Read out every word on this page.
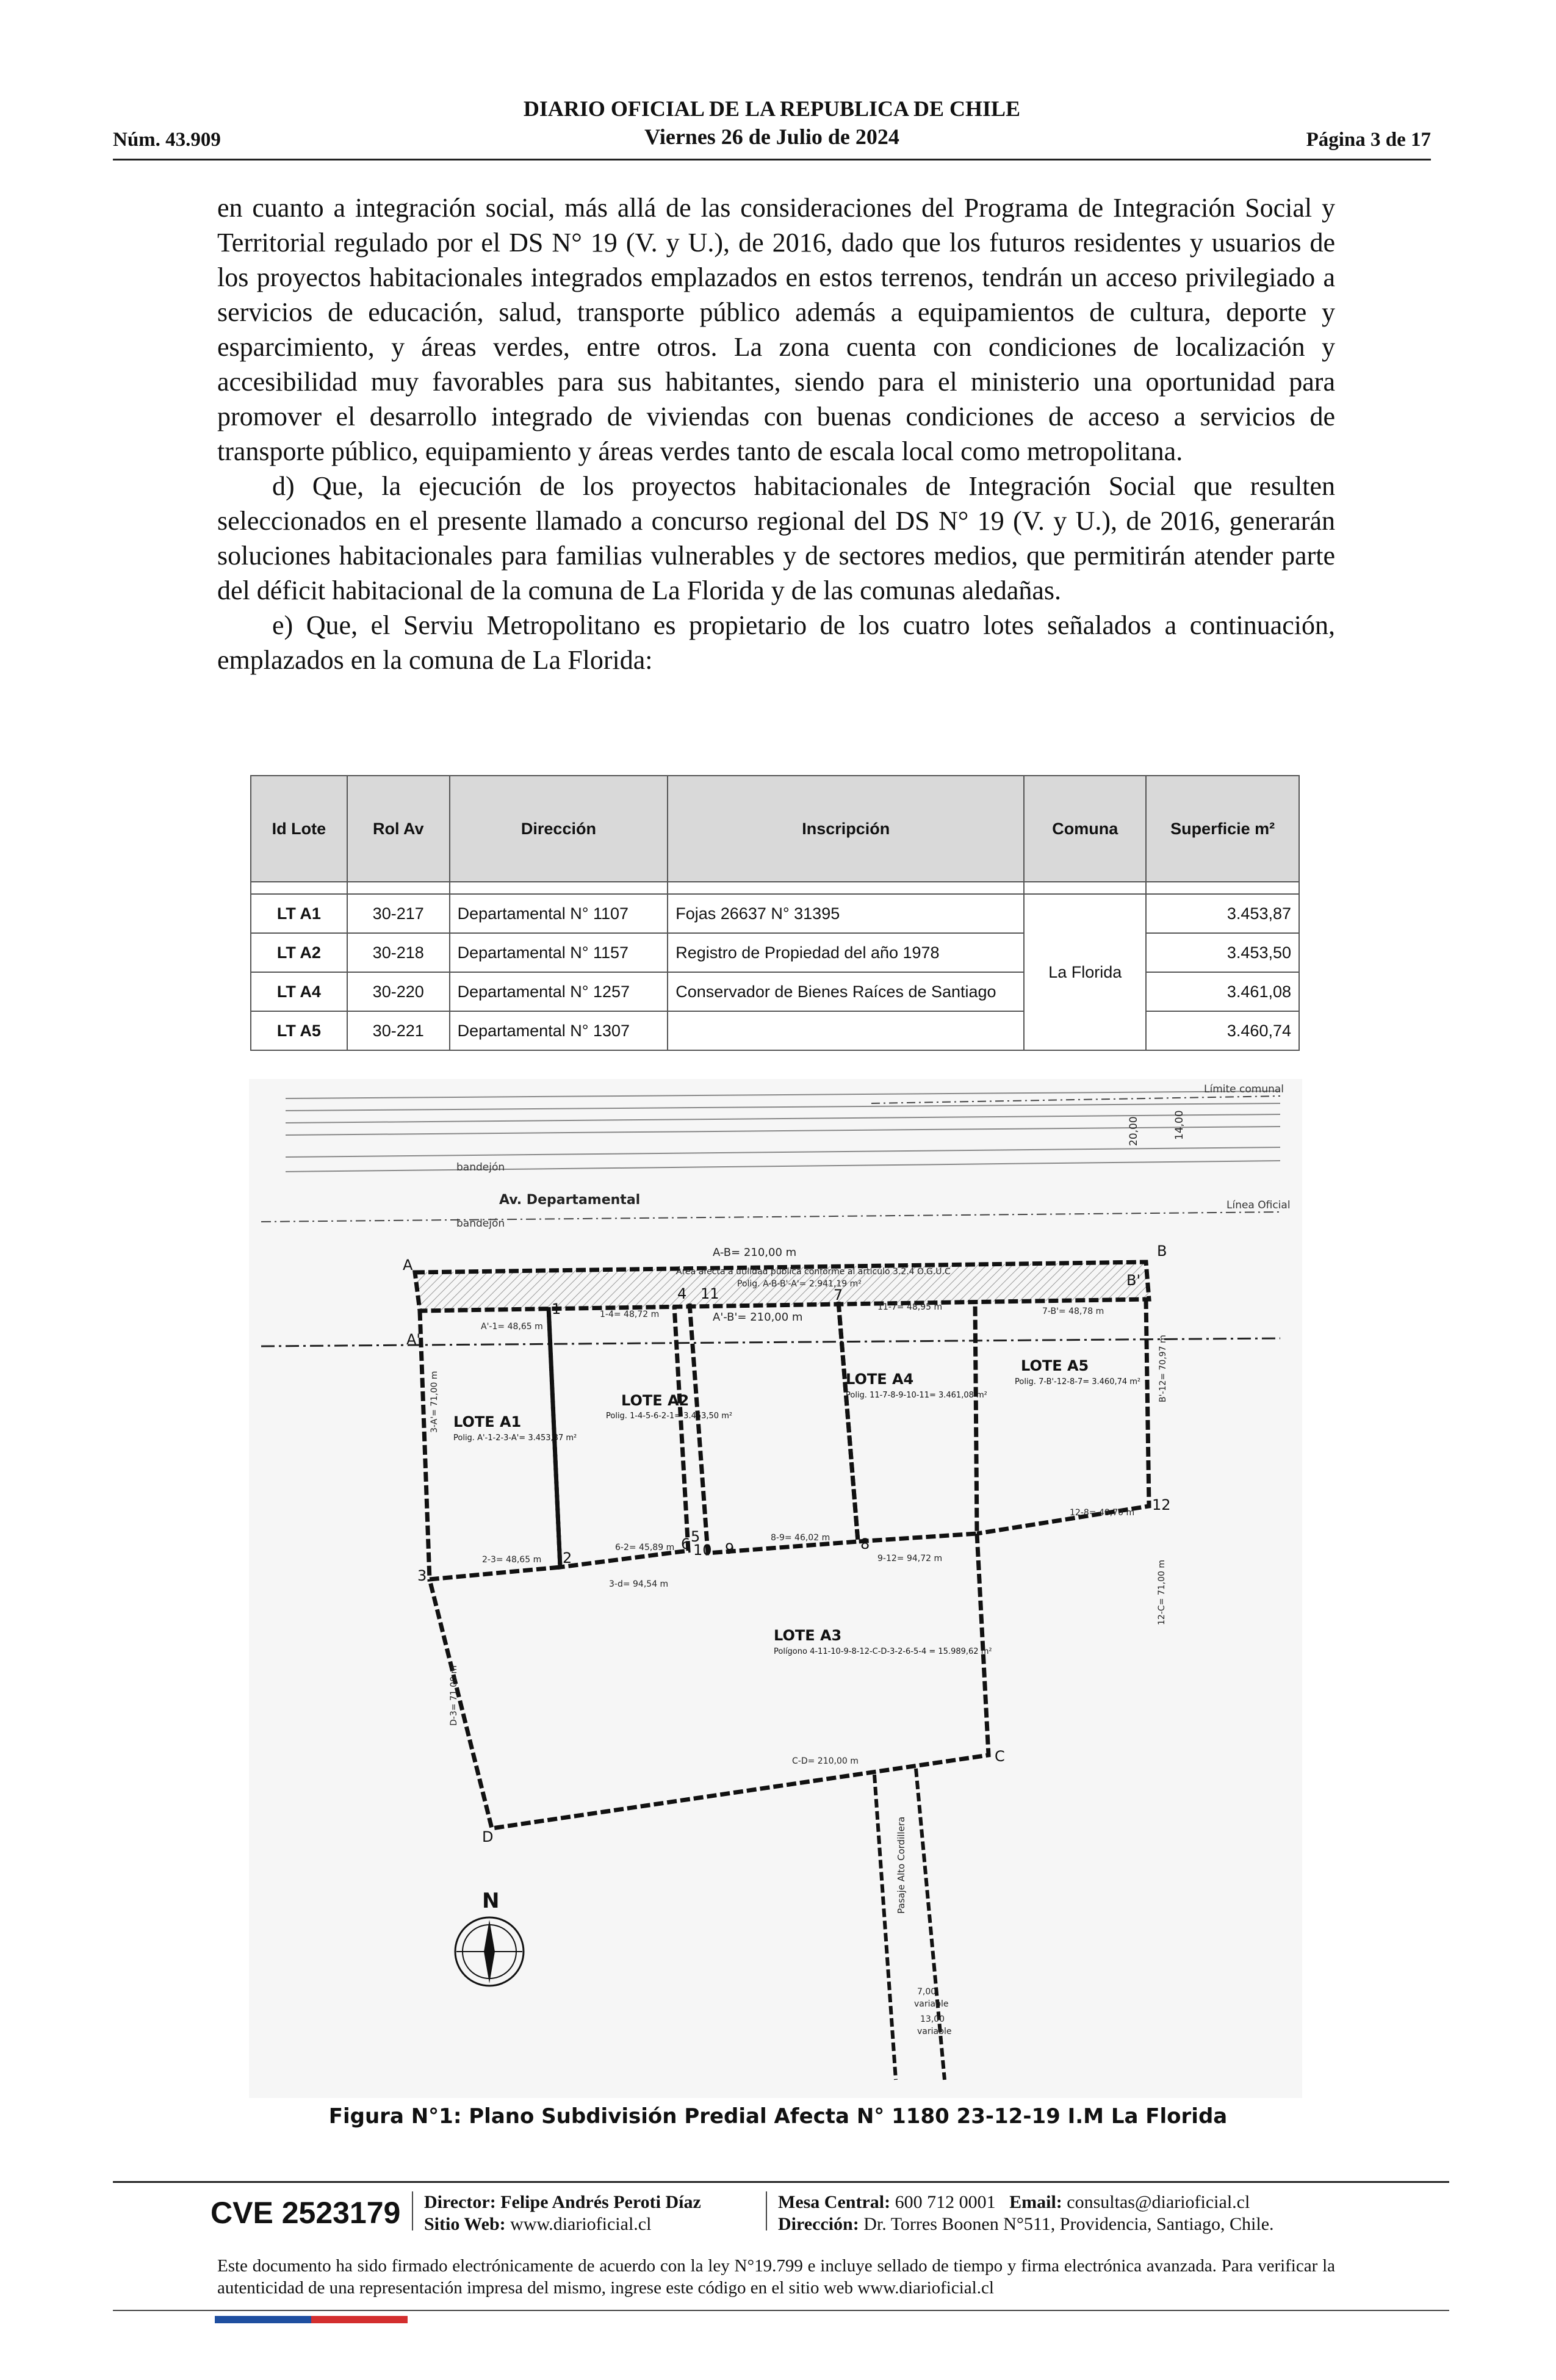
Núm. 43.909
DIARIO OFICIAL DE LA REPUBLICA DE CHILE
Viernes 26 de Julio de 2024	Página 3 de 17

en cuanto a integración social, más allá de las consideraciones del Programa de Integración Social y Territorial regulado por el DS N° 19 (V. y U.), de 2016, dado que los futuros residentes y usuarios de los proyectos habitacionales integrados emplazados en estos terrenos, tendrán un acceso privilegiado a servicios de educación, salud, transporte público además a equipamientos de cultura, deporte y esparcimiento, y áreas verdes, entre otros. La zona cuenta con condiciones de localización y accesibilidad muy favorables para sus habitantes, siendo para el ministerio una oportunidad para promover el desarrollo integrado de viviendas con buenas condiciones de acceso a servicios de transporte público, equipamiento y áreas verdes tanto de escala local como metropolitana.

d) Que, la ejecución de los proyectos habitacionales de Integración Social que resulten seleccionados en el presente llamado a concurso regional del DS N° 19 (V. y U.), de 2016, generarán soluciones habitacionales para familias vulnerables y de sectores medios, que permitirán atender parte del déficit habitacional de la comuna de La Florida y de las comunas aledañas.

e) Que, el Serviu Metropolitano es propietario de los cuatro lotes señalados a continuación, emplazados en la comuna de La Florida:

Id Lote	Rol Av	Dirección	Inscripción	Comuna	Superficie m²

LT A1	30-217	Departamental N° 1107	Fojas 26637 N° 31395	La Florida	3.453,87
LT A2	30-218	Departamental N° 1157	Registro de Propiedad del año 1978		3.453,50
LT A4	30-220	Departamental N° 1257	Conservador de Bienes Raíces de Santiago		3.461,08
LT A5	30-221	Departamental N° 1307			3.460,74
A
A'
B
B'
C
D
1
2
3
4
5
6
7
8
9
10
11
12
Av. Departamental
bandejón
bandejón
Límite comunal
Línea Oficial
A-B= 210,00 m
Área afecta a utilidad pública conforme al artículo 3.2.4 O.G.U.C
Polig. A-B-B'-A'= 2.941,19 m²
A'-B'= 210,00 m
20,00	14,00
LOTE A1
Polig. A'-1-2-3-A'= 3.453,87 m²
LOTE A2
Polig. 1-4-5-6-2-1= 3.453,50 m²
LOTE A4
Polig. 11-7-8-9-10-11= 3.461,08 m²
LOTE A5
Polig. 7-B'-12-8-7= 3.460,74 m²
LOTE A3
Polígono 4-11-10-9-8-12-C-D-3-2-6-5-4 = 15.989,62 m²
A'-1= 48,65 m
1-4= 48,72 m
11-7= 48,95 m	7-B'= 48,78 m
2-3= 48,65 m
6-2= 45,89 m
8-9= 46,02 m
12-8= 48,70 m
3-d= 94,54 m
9-12= 94,72 m
C-D= 210,00 m
3-A'= 71,00 m
D-3= 71,00 m
12-C= 71,00 m
B'-12= 70,97 m
Pasaje Alto Cordillera
7,00
variable
13,00
variable
N
Figura N°1: Plano Subdivisión Predial Afecta N° 1180 23-12-19 I.M La Florida
CVE 2523179 Director: Felipe Andrés Peroti Díaz
Sitio Web: www.diarioficial.cl
Mesa Central: 600 712 0001 Email: consultas@diarioficial.cl
Dirección: Dr. Torres Boonen N°511, Providencia, Santiago, Chile.
Este documento ha sido firmado electrónicamente de acuerdo con la ley N°19.799 e incluye sellado de tiempo y firma electrónica avanzada. Para verificar la autenticidad de una representación impresa del mismo, ingrese este código en el sitio web www.diarioficial.cl
